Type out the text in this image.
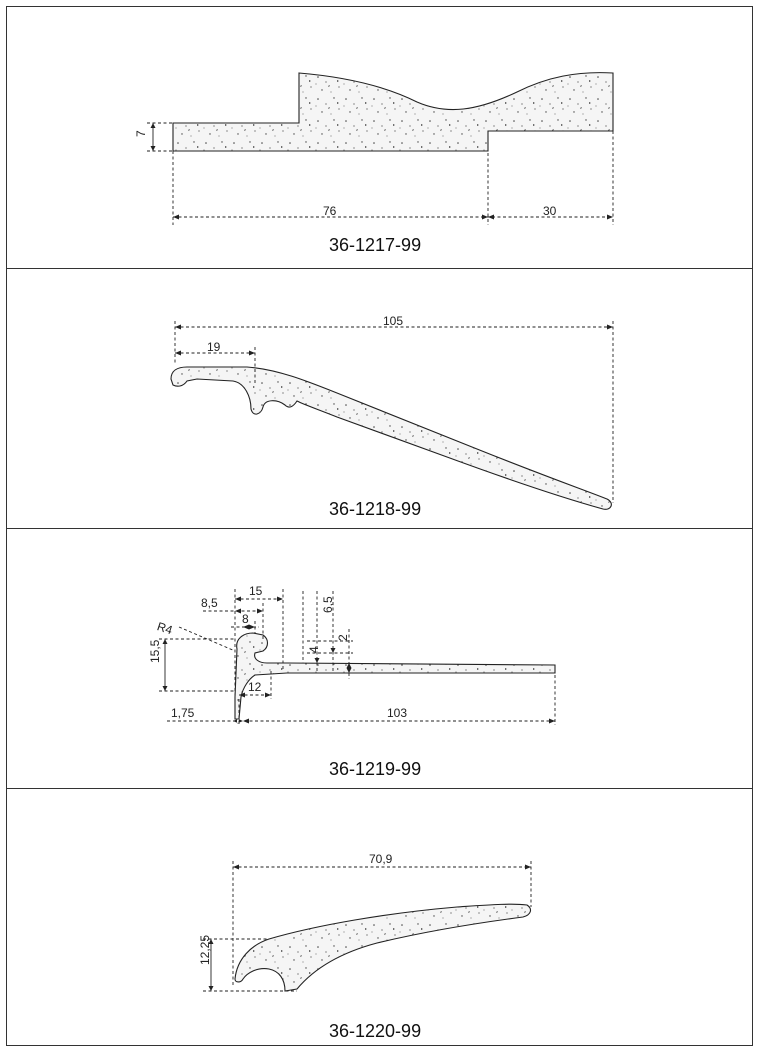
7
76	30
36-1217-99
105
19
36-1218-99
R4
15
8,5
8
6,5
2
4
15,5
12
1,75	103
36-1219-99
70,9
12,25
36-1220-99
